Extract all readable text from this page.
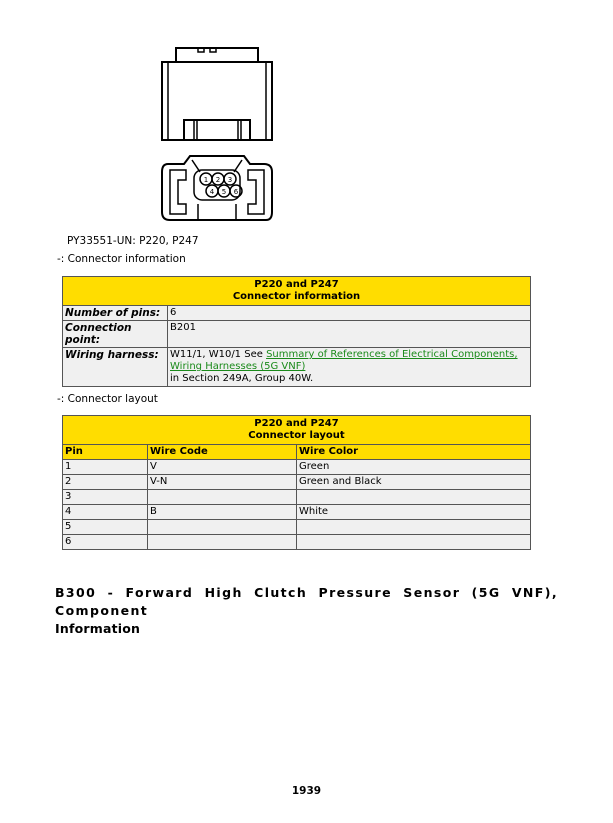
1 2 3
4 5 6
PY33551-UN: P220, P247
-: Connector information
P220 and P247
Connector information	

Number of pins:	6
Connection point:	B201
Wiring harness:	W11/1, W10/1 See Summary of References of Electrical Components,
Wiring Harnesses (5G VNF)
in Section 249A, Group 40W.
-: Connector layout
P220 and P247
Connector layout		

Pin	Wire Code	Wire Color
1	V	Green
2	V-N	Green and Black
3		
4	B	White
5		
6		
B300 - Forward High Clutch Pressure Sensor (5G VNF), Component
Information
1939
